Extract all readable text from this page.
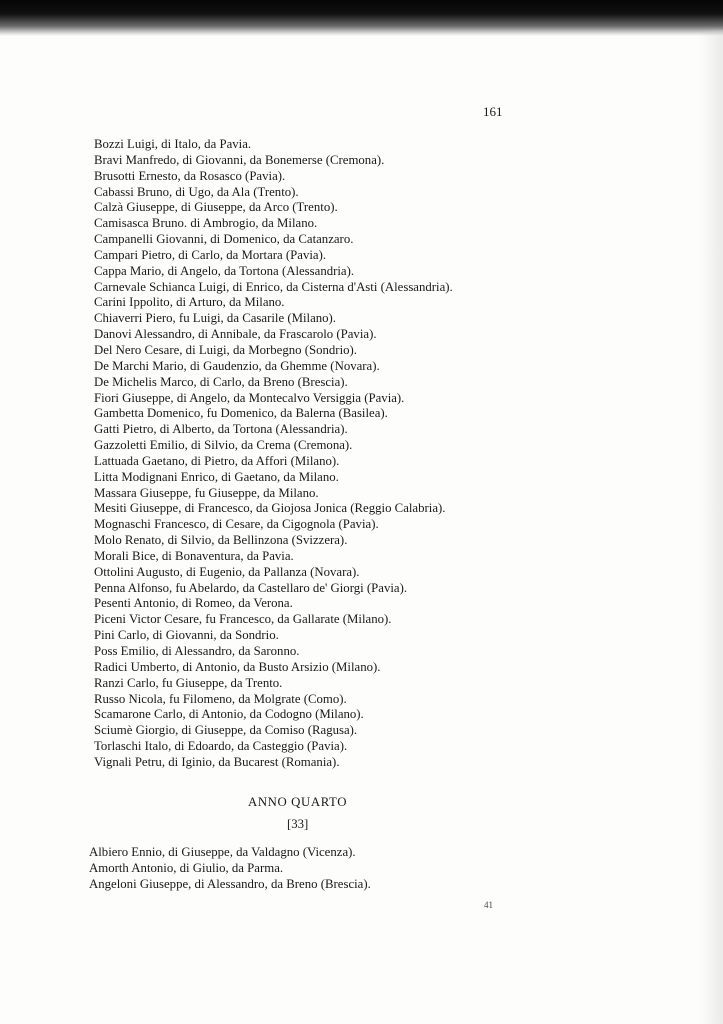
161
Bozzi Luigi, di Italo, da Pavia.
Bravi Manfredo, di Giovanni, da Bonemerse (Cremona).
Brusotti Ernesto, da Rosasco (Pavia).
Cabassi Bruno, di Ugo, da Ala (Trento).
Calzà Giuseppe, di Giuseppe, da Arco (Trento).
Camisasca Bruno. di Ambrogio, da Milano.
Campanelli Giovanni, di Domenico, da Catanzaro.
Campari Pietro, di Carlo, da Mortara (Pavia).
Cappa Mario, di Angelo, da Tortona (Alessandria).
Carnevale Schianca Luigi, di Enrico, da Cisterna d'Asti (Alessandria).
Carini Ippolito, di Arturo, da Milano.
Chiaverri Piero, fu Luigi, da Casarile (Milano).
Danovi Alessandro, di Annibale, da Frascarolo (Pavia).
Del Nero Cesare, di Luigi, da Morbegno (Sondrio).
De Marchi Mario, di Gaudenzio, da Ghemme (Novara).
De Michelis Marco, di Carlo, da Breno (Brescia).
Fiori Giuseppe, di Angelo, da Montecalvo Versiggia (Pavia).
Gambetta Domenico, fu Domenico, da Balerna (Basilea).
Gatti Pietro, di Alberto, da Tortona (Alessandria).
Gazzoletti Emilio, di Silvio, da Crema (Cremona).
Lattuada Gaetano, di Pietro, da Affori (Milano).
Litta Modignani Enrico, di Gaetano, da Milano.
Massara Giuseppe, fu Giuseppe, da Milano.
Mesiti Giuseppe, di Francesco, da Giojosa Jonica (Reggio Calabria).
Mognaschi Francesco, di Cesare, da Cigognola (Pavia).
Molo Renato, di Silvio, da Bellinzona (Svizzera).
Morali Bice, di Bonaventura, da Pavia.
Ottolini Augusto, di Eugenio, da Pallanza (Novara).
Penna Alfonso, fu Abelardo, da Castellaro de' Giorgi (Pavia).
Pesenti Antonio, di Romeo, da Verona.
Piceni Victor Cesare, fu Francesco, da Gallarate (Milano).
Pini Carlo, di Giovanni, da Sondrio.
Poss Emilio, di Alessandro, da Saronno.
Radici Umberto, di Antonio, da Busto Arsizio (Milano).
Ranzi Carlo, fu Giuseppe, da Trento.
Russo Nicola, fu Filomeno, da Molgrate (Como).
Scamarone Carlo, di Antonio, da Codogno (Milano).
Sciumè Giorgio, di Giuseppe, da Comiso (Ragusa).
Torlaschi Italo, di Edoardo, da Casteggio (Pavia).
Vignali Petru, di Iginio, da Bucarest (Romania).
ANNO QUARTO
[33]
Albiero Ennio, di Giuseppe, da Valdagno (Vicenza).
Amorth Antonio, di Giulio, da Parma.
Angeloni Giuseppe, di Alessandro, da Breno (Brescia).
41
